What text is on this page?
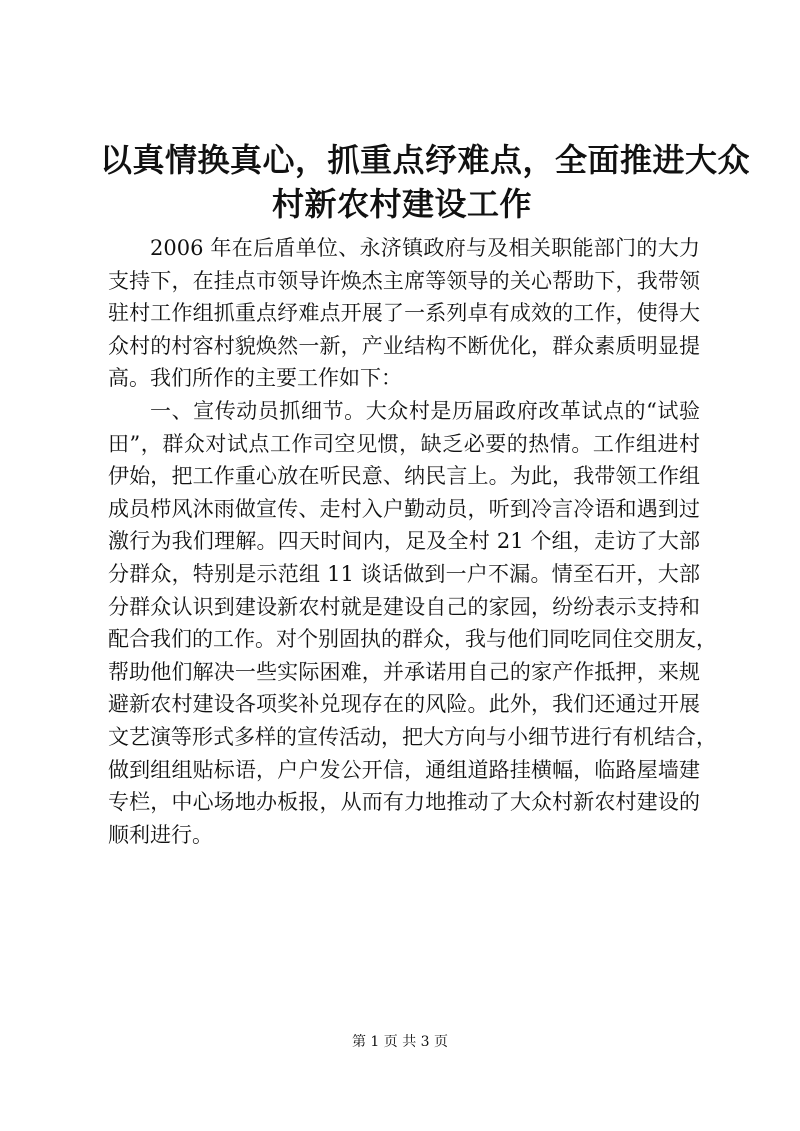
以真情换真心，抓重点纾难点，全面推进大众
村新农村建设工作

2006 年在后盾单位、永济镇政府与及相关职能部门的大力
支持下，在挂点市领导许焕杰主席等领导的关心帮助下，我带领
驻村工作组抓重点纾难点开展了一系列卓有成效的工作，使得大
众村的村容村貌焕然一新，产业结构不断优化，群众素质明显提
高。我们所作的主要工作如下：

一、宣传动员抓细节。大众村是历届政府改革试点的“试验
田”，群众对试点工作司空见惯，缺乏必要的热情。工作组进村
伊始，把工作重心放在听民意、纳民言上。为此，我带领工作组
成员栉风沐雨做宣传、走村入户勤动员，听到冷言冷语和遇到过
激行为我们理解。四天时间内，足及全村 21 个组，走访了大部
分群众，特别是示范组 11 谈话做到一户不漏。情至石开，大部
分群众认识到建设新农村就是建设自己的家园，纷纷表示支持和
配合我们的工作。对个别固执的群众，我与他们同吃同住交朋友，
帮助他们解决一些实际困难，并承诺用自己的家产作抵押，来规
避新农村建设各项奖补兑现存在的风险。此外，我们还通过开展
文艺演等形式多样的宣传活动，把大方向与小细节进行有机结合，
做到组组贴标语，户户发公开信，通组道路挂横幅，临路屋墙建
专栏，中心场地办板报，从而有力地推动了大众村新农村建设的
顺利进行。

第 1 页 共 3 页
